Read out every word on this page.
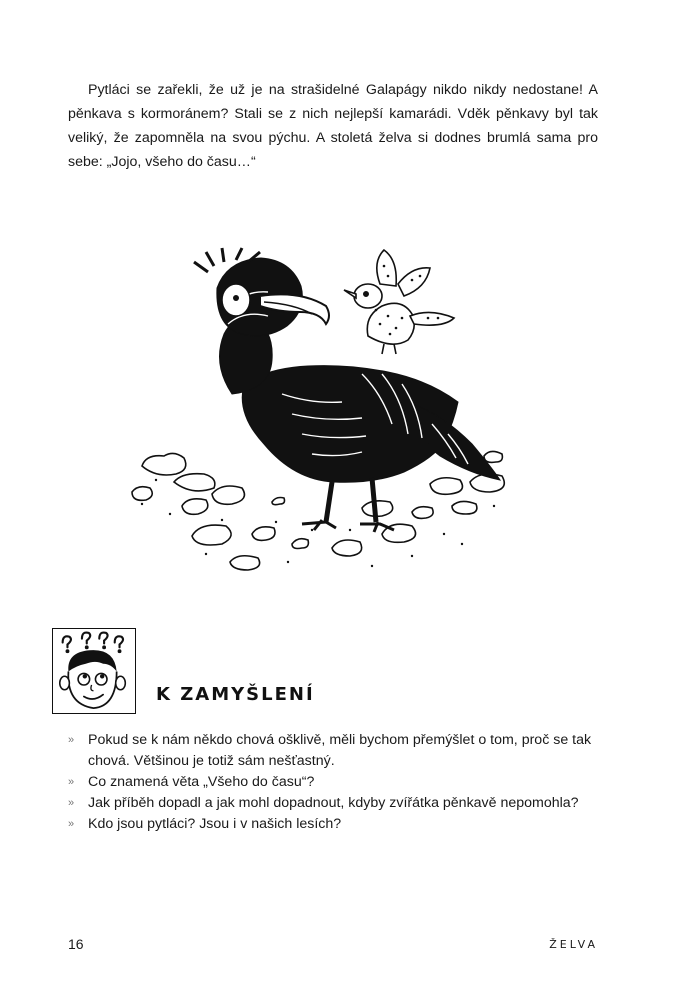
Pytláci se zařekli, že už je na strašidelné Galapágy nikdo nikdy nedostane! A pěnkava s kormoránem? Stali se z nich nejlepší kamarádi. Vděk pěnkavy byl tak veliký, že zapomněla na svou pýchu. A stoletá želva si dodnes brumlá sama pro sebe: „Jojo, všeho do času…“

K ZAMYŠLENÍ
» Pokud se k nám někdo chová ošklivě, měli bychom přemýšlet o tom, proč se tak chová. Většinou je totiž sám nešťastný.
» Co znamená věta „Všeho do času“?
» Jak příběh dopadl a jak mohl dopadnout, kdyby zvířátka pěnkavě nepomohla?
» Kdo jsou pytláci? Jsou i v našich lesích?

16	ŽELVA
